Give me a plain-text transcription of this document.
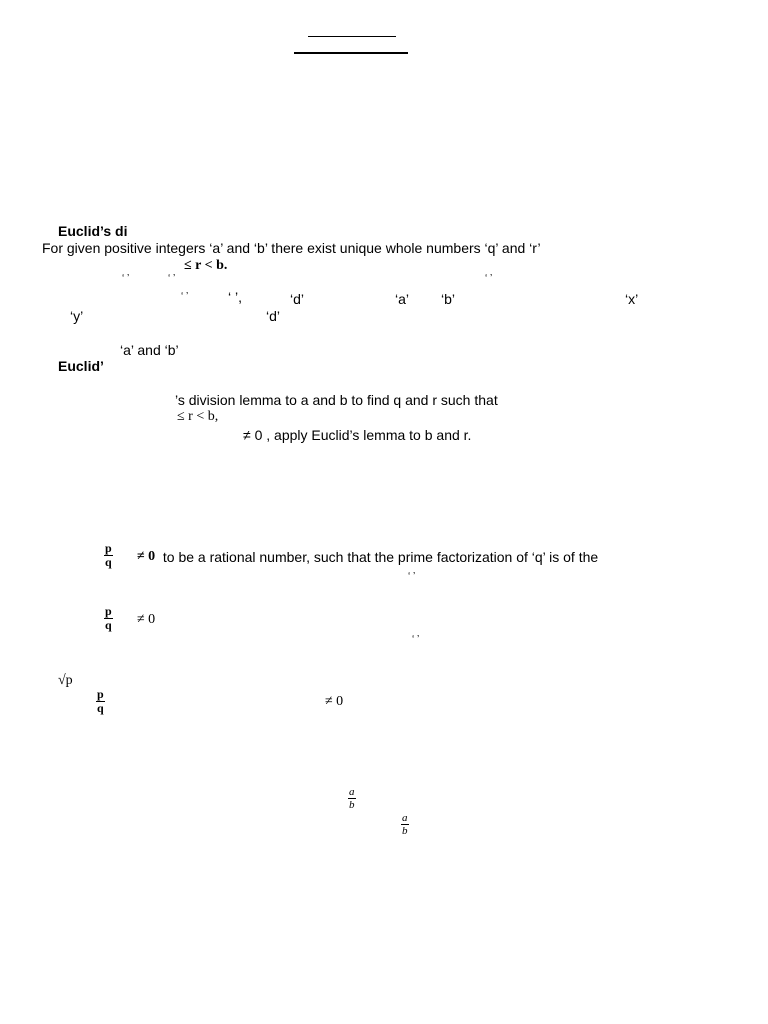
Euclid’s di
For given positive integers ‘a’ and ‘b’ there exist unique whole numbers ‘q’ and ‘r’
≤ r < b.
‘ ’	‘ ’	‘ ’
‘ ’	‘ ’,	‘d’	‘a’ ‘b’	‘x’
‘y’	‘d’
‘a’ and ‘b’
Euclid’
’s division lemma to a and b to find q and r such that
≤ r < b,
≠ 0 , apply Euclid’s lemma to b and r.
$\frac{p}{q} \ne 0$ to be a rational number, such that the prime factorization of ‘q’ is of the
‘ ’
$\frac{p}{q} \ne 0$
‘ ’
√p
$\frac{p}{q}$	≠ 0
$\frac{a}{b}$
$\frac{a}{b}$
